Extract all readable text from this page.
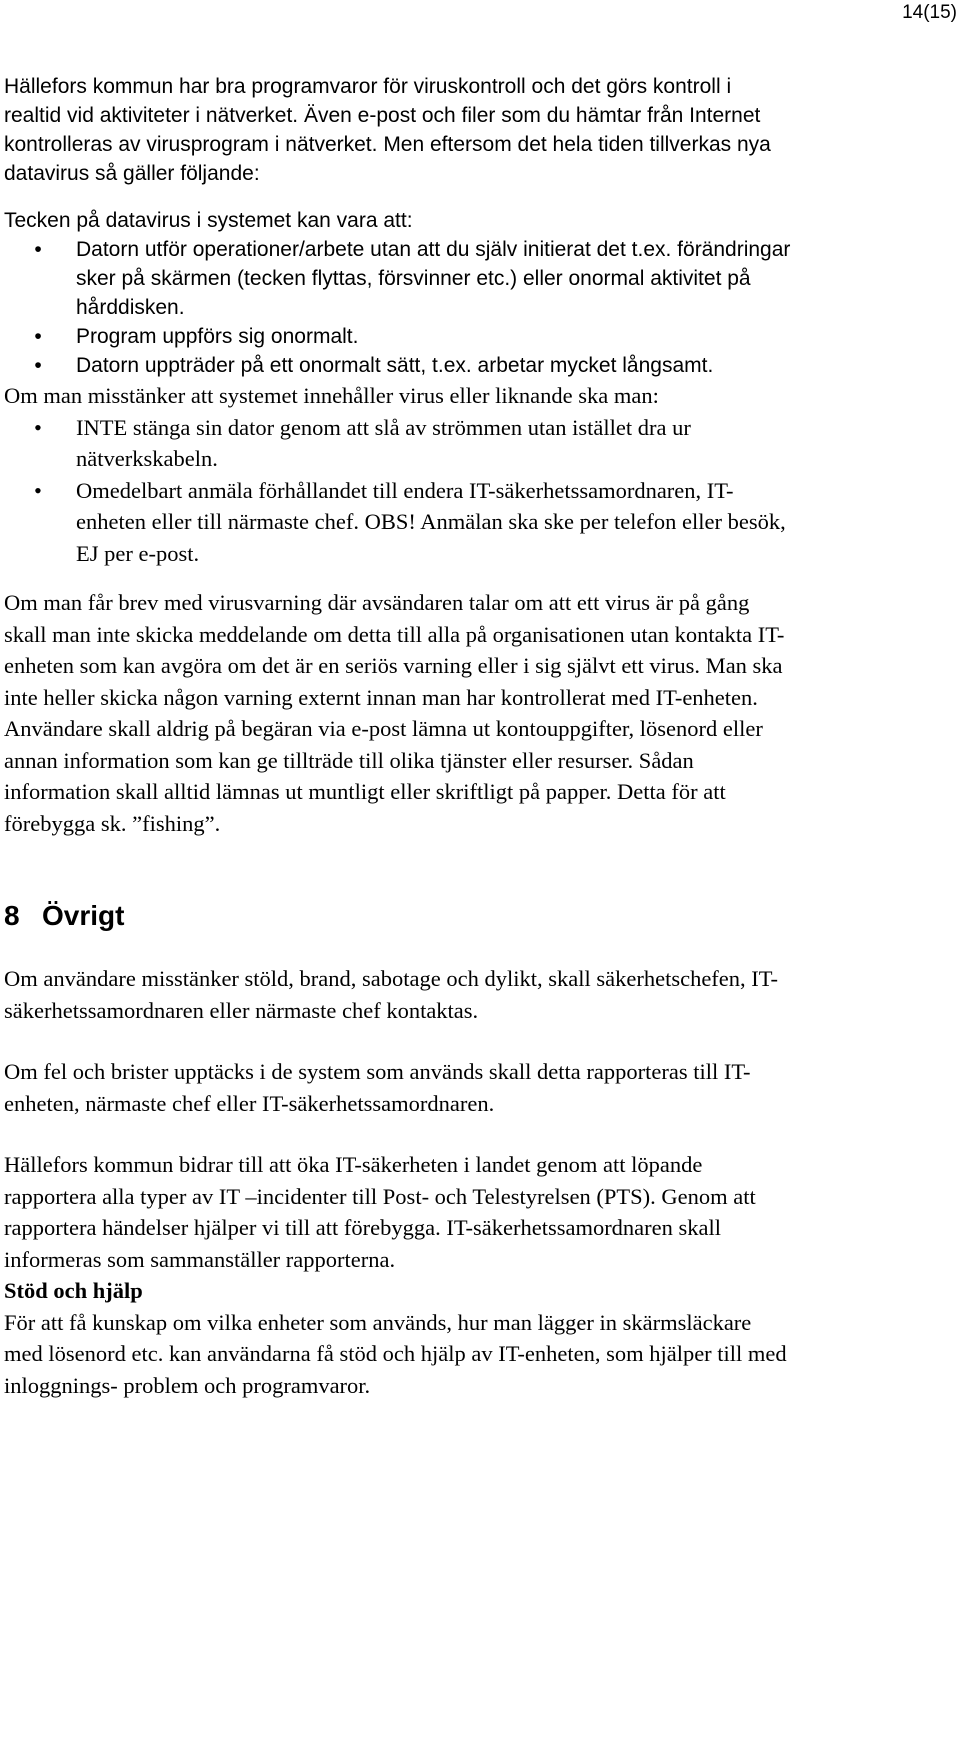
14(15)

Hällefors kommun har bra programvaror för viruskontroll och det görs kontroll i realtid vid aktiviteter i nätverket. Även e-post och filer som du hämtar från Internet kontrolleras av virusprogram i nätverket. Men eftersom det hela tiden tillverkas nya datavirus så gäller följande:

Tecken på datavirus i systemet kan vara att:

•	Datorn utför operationer/arbete utan att du själv initierat det t.ex. förändringar sker på skärmen (tecken flyttas, försvinner etc.) eller onormal aktivitet på hårddisken.
•	Program uppförs sig onormalt.
•	Datorn uppträder på ett onormalt sätt, t.ex. arbetar mycket långsamt.

Om man misstänker att systemet innehåller virus eller liknande ska man:

• INTE stänga sin dator genom att slå av strömmen utan istället dra ur nätverkskabeln.
• Omedelbart anmäla förhållandet till endera IT-säkerhetssamordnaren, IT-enheten eller till närmaste chef. OBS! Anmälan ska ske per telefon eller besök, EJ per e-post.

Om man får brev med virusvarning där avsändaren talar om att ett virus är på gång skall man inte skicka meddelande om detta till alla på organisationen utan kontakta IT-enheten som kan avgöra om det är en seriös varning eller i sig självt ett virus. Man ska inte heller skicka någon varning externt innan man har kontrollerat med IT-enheten. Användare skall aldrig på begäran via e-post lämna ut kontouppgifter, lösenord eller annan information som kan ge tillträde till olika tjänster eller resurser. Sådan information skall alltid lämnas ut muntligt eller skriftligt på papper. Detta för att förebygga sk. ”fishing”.

8 Övrigt

Om användare misstänker stöld, brand, sabotage och dylikt, skall säkerhetschefen, IT-säkerhetssamordnaren eller närmaste chef kontaktas.

Om fel och brister upptäcks i de system som används skall detta rapporteras till IT-enheten, närmaste chef eller IT-säkerhetssamordnaren.

Hällefors kommun bidrar till att öka IT-säkerheten i landet genom att löpande rapportera alla typer av IT –incidenter till Post- och Telestyrelsen (PTS). Genom att rapportera händelser hjälper vi till att förebygga. IT-säkerhetssamordnaren skall informeras som sammanställer rapporterna.

Stöd och hjälp

För att få kunskap om vilka enheter som används, hur man lägger in skärmsläckare med lösenord etc. kan användarna få stöd och hjälp av IT-enheten, som hjälper till med inloggnings- problem och programvaror.
